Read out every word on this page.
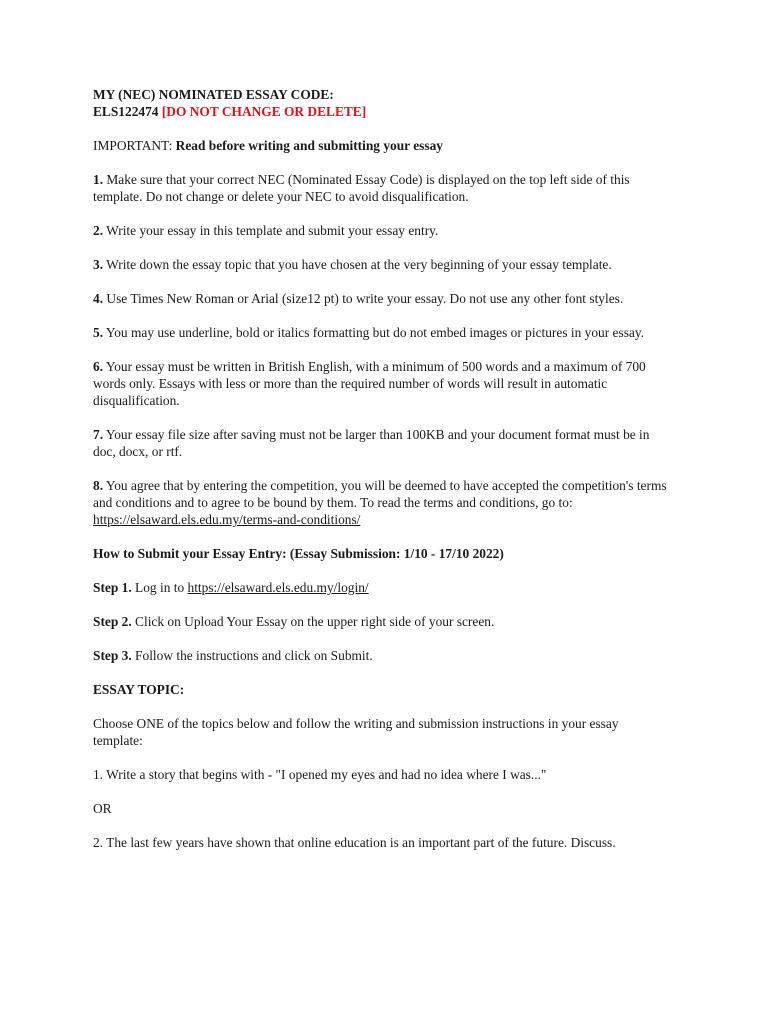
MY (NEC) NOMINATED ESSAY CODE:

ELS122474 [DO NOT CHANGE OR DELETE]

IMPORTANT: Read before writing and submitting your essay

1. Make sure that your correct NEC (Nominated Essay Code) is displayed on the top left side of this template. Do not change or delete your NEC to avoid disqualification.

2. Write your essay in this template and submit your essay entry.

3. Write down the essay topic that you have chosen at the very beginning of your essay template.

4. Use Times New Roman or Arial (size12 pt) to write your essay. Do not use any other font styles.

5. You may use underline, bold or italics formatting but do not embed images or pictures in your essay.

6. Your essay must be written in British English, with a minimum of 500 words and a maximum of 700 words only. Essays with less or more than the required number of words will result in automatic disqualification.

7. Your essay file size after saving must not be larger than 100KB and your document format must be in doc, docx, or rtf.

8. You agree that by entering the competition, you will be deemed to have accepted the competition's terms and conditions and to agree to be bound by them. To read the terms and conditions, go to: https://elsaward.els.edu.my/terms-and-conditions/

How to Submit your Essay Entry: (Essay Submission: 1/10 - 17/10 2022)

Step 1. Log in to https://elsaward.els.edu.my/login/

Step 2. Click on Upload Your Essay on the upper right side of your screen.

Step 3. Follow the instructions and click on Submit.

ESSAY TOPIC:

Choose ONE of the topics below and follow the writing and submission instructions in your essay template:

1. Write a story that begins with - "I opened my eyes and had no idea where I was..."

OR

2. The last few years have shown that online education is an important part of the future. Discuss.
